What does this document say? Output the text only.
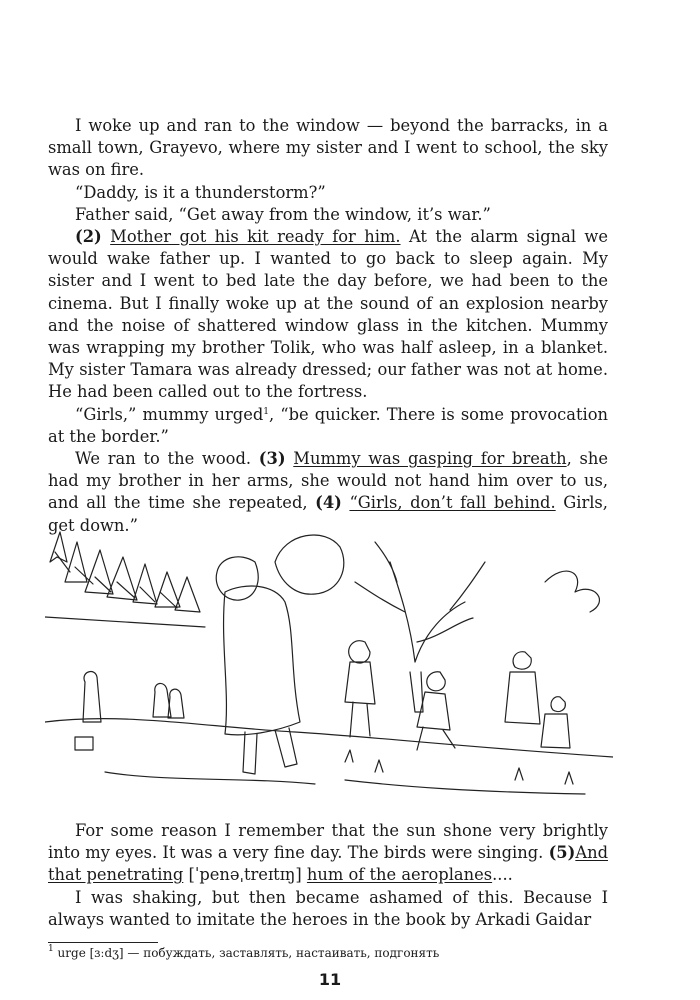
I woke up and ran to the window — beyond the barracks, in a small town, Grayevo, where my sister and I went to school, the sky was on fire.

“Daddy, is it a thunderstorm?”

Father said, “Get away from the window, it’s war.”

(2) Mother got his kit ready for him. At the alarm signal we would wake father up. I wanted to go back to sleep again. My sister and I went to bed late the day before, we had been to the cinema. But I finally woke up at the sound of an explosion nearby and the noise of shattered window glass in the kitchen. Mummy was wrapping my brother Tolik, who was half asleep, in a blanket. My sister Tamara was already dressed; our father was not at home. He had been called out to the fortress.

“Girls,” mummy urged$^1$, “be quicker. There is some provocation at the border.”

We ran to the wood. (3) Mummy was gasping for breath, she had my brother in her arms, she would not hand him over to us, and all the time she repeated, (4) “Girls, don’t fall behind. Girls, get down.”

For some reason I remember that the sun shone very brightly into my eyes. It was a very fine day. The birds were singing. (5)And that penetrating [ˈpenəˌtreɪtɪŋ] hum of the aeroplanes....

I was shaking, but then became ashamed of this. Because I always wanted to imitate the heroes in the book by Arkadi Gaidar

$^1$ urge [ɜːdʒ] — побуждать, заставлять, настаивать, подгонять
11
